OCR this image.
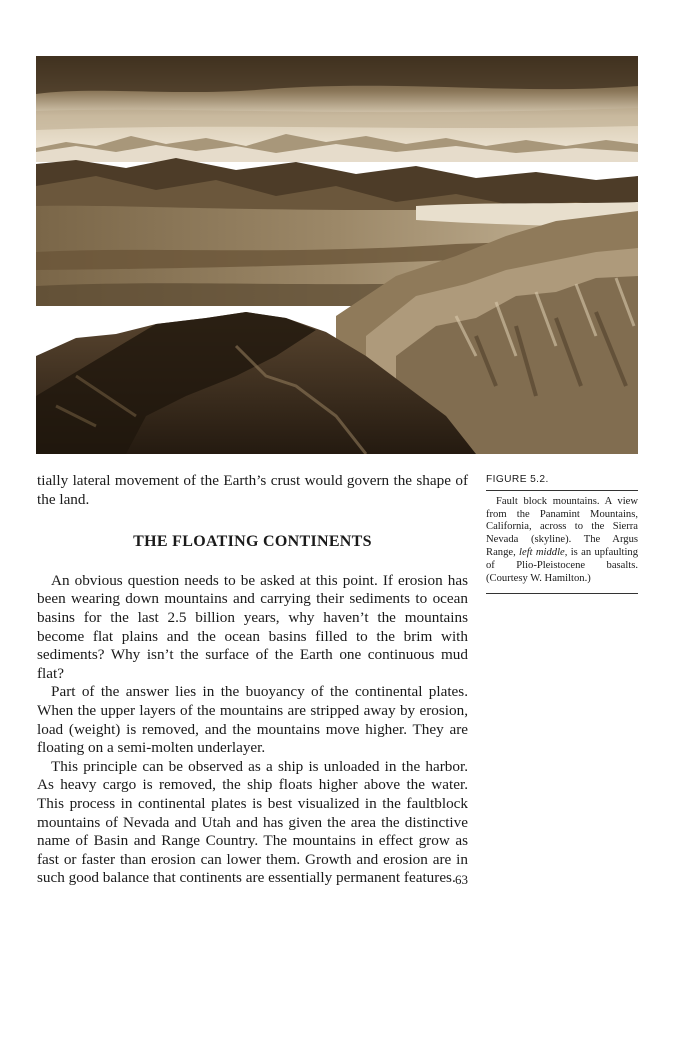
tially lateral movement of the Earth’s crust would govern the shape of the land.

THE FLOATING CONTINENTS

An obvious question needs to be asked at this point. If erosion has been wearing down mountains and carrying their sediments to ocean basins for the last 2.5 billion years, why haven’t the mountains become flat plains and the ocean basins filled to the brim with sediments? Why isn’t the surface of the Earth one continuous mud flat?

Part of the answer lies in the buoyancy of the continental plates. When the upper layers of the mountains are stripped away by erosion, load (weight) is removed, and the mountains move higher. They are floating on a semi-molten underlayer.

This principle can be observed as a ship is unloaded in the harbor. As heavy cargo is removed, the ship floats higher above the water. This process in continental plates is best visualized in the faultblock mountains of Nevada and Utah and has given the area the distinctive name of Basin and Range Country. The mountains in effect grow as fast or faster than erosion can lower them. Growth and erosion are in such good balance that continents are essentially permanent features.

FIGURE 5.2.
Fault block mountains. A view from the Panamint Mountains, California, across to the Sierra Nevada (skyline). The Argus Range, left middle, is an upfaulting of Plio-Pleistocene basalts. (Courtesy W. Hamilton.)
63
